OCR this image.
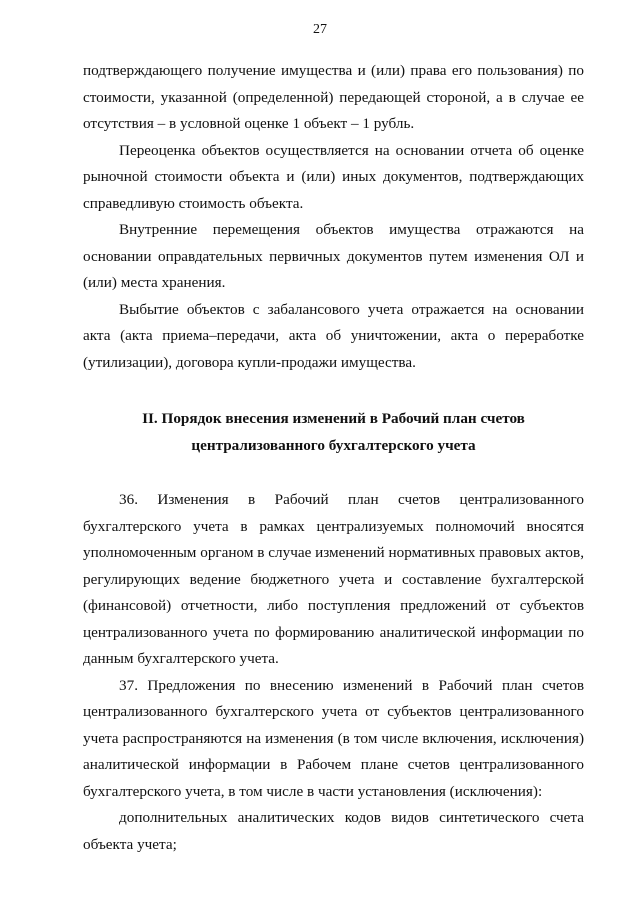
27

подтверждающего получение имущества и (или) права его пользования) по стоимости, указанной (определенной) передающей стороной, а в случае ее отсутствия – в условной оценке 1 объект – 1 рубль.

Переоценка объектов осуществляется на основании отчета об оценке рыночной стоимости объекта и (или) иных документов, подтверждающих справедливую стоимость объекта.

Внутренние перемещения объектов имущества отражаются на основании оправдательных первичных документов путем изменения ОЛ и (или) места хранения.

Выбытие объектов с забалансового учета отражается на основании акта (акта приема–передачи, акта об уничтожении, акта о переработке (утилизации), договора купли-продажи имущества.

II. Порядок внесения изменений в Рабочий план счетов
централизованного бухгалтерского учета

36. Изменения в Рабочий план счетов централизованного бухгалтерского учета в рамках централизуемых полномочий вносятся уполномоченным органом в случае изменений нормативных правовых актов, регулирующих ведение бюджетного учета и составление бухгалтерской (финансовой) отчетности, либо поступления предложений от субъектов централизованного учета по формированию аналитической информации по данным бухгалтерского учета.

37. Предложения по внесению изменений в Рабочий план счетов централизованного бухгалтерского учета от субъектов централизованного учета распространяются на изменения (в том числе включения, исключения) аналитической информации в Рабочем плане счетов централизованного бухгалтерского учета, в том числе в части установления (исключения):

дополнительных аналитических кодов видов синтетического счета объекта учета;
